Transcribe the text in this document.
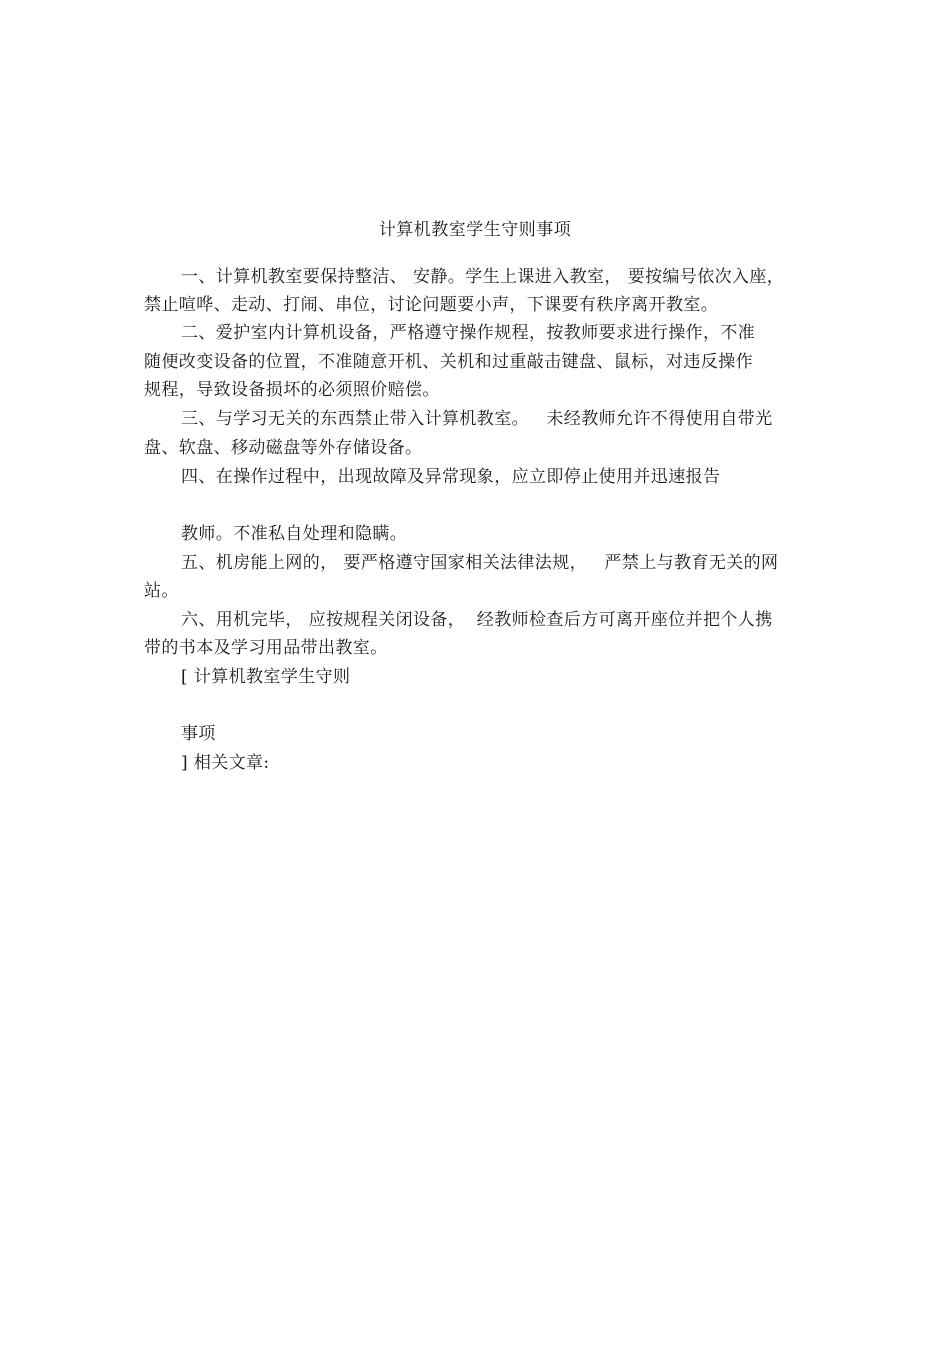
计算机教室学生守则事项
一、计算机教室要保持整洁、 安静。学生上课进入教室， 要按编号依次入座，
禁止喧哗、走动、打闹、串位，讨论问题要小声，下课要有秩序离开教室。
二、爱护室内计算机设备，严格遵守操作规程，按教师要求进行操作，不准
随便改变设备的位置，不准随意开机、关机和过重敲击键盘、鼠标，对违反操作
规程，导致设备损坏的必须照价赔偿。
三、与学习无关的东西禁止带入计算机教室。   未经教师允许不得使用自带光
盘、软盘、移动磁盘等外存储设备。
四、在操作过程中，出现故障及异常现象，应立即停止使用并迅速报告
教师。不准私自处理和隐瞒。
五、机房能上网的， 要严格遵守国家相关法律法规，   严禁上与教育无关的网
站。
六、用机完毕， 应按规程关闭设备，  经教师检查后方可离开座位并把个人携
带的书本及学习用品带出教室。
[ 计算机教室学生守则
事项
] 相关文章:
